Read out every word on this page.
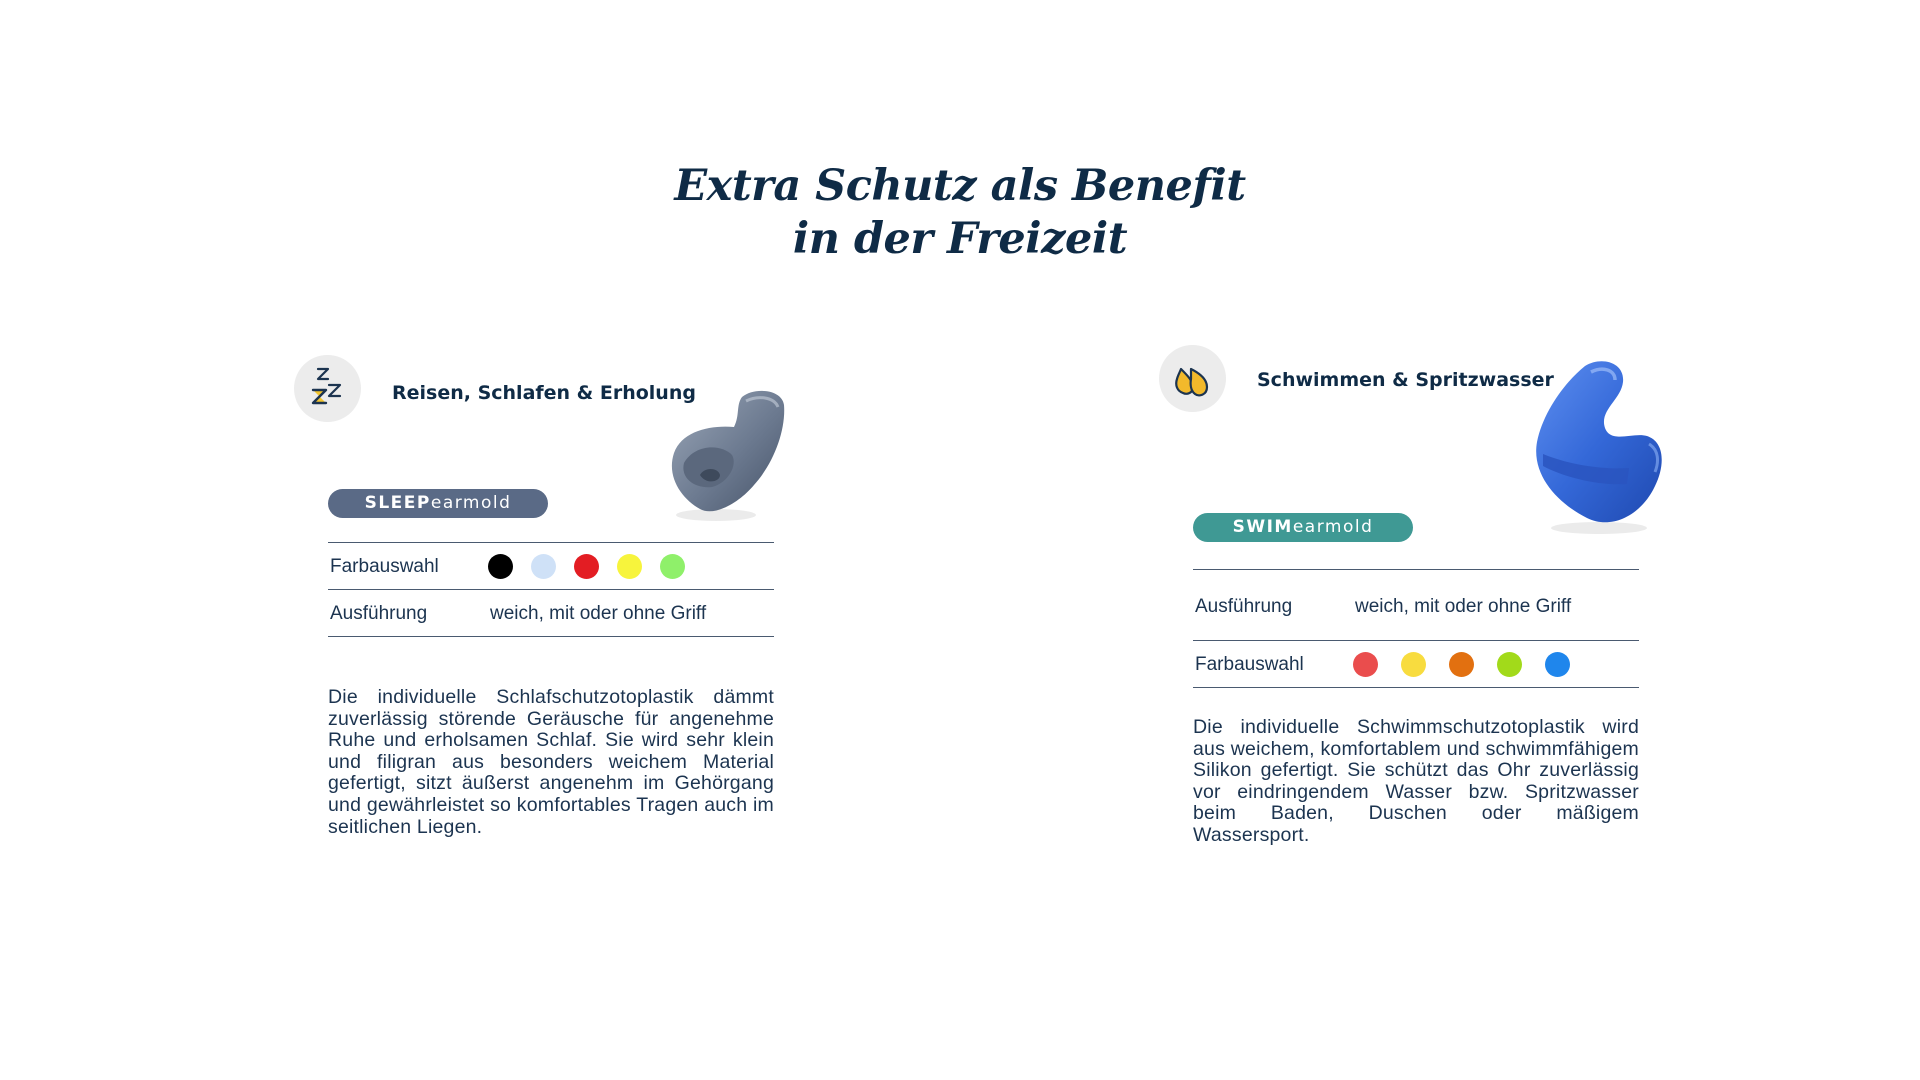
Extra Schutz als Benefit
in der Freizeit
Reisen, Schlafen & Erholung
SLEEPearmold
Farbauswahl
Ausführung	weich, mit oder ohne Griff
Die individuelle Schlafschutzotoplastik dämmt zuverlässig störende Geräusche für angenehme Ruhe und erholsamen Schlaf. Sie wird sehr klein und filigran aus besonders weichem Material gefertigt, sitzt äußerst angenehm im Gehörgang und gewährleistet so komfortables Tragen auch im seitlichen Liegen.
Schwimmen & Spritzwasser
SWIMearmold
Ausführung	weich, mit oder ohne Griff
Farbauswahl
Die individuelle Schwimmschutzotoplastik wird aus weichem, komfortablem und schwimmfähigem Silikon gefertigt. Sie schützt das Ohr zuverlässig vor eindringendem Wasser bzw. Spritzwasser beim Baden, Duschen oder mäßigem Wassersport.
